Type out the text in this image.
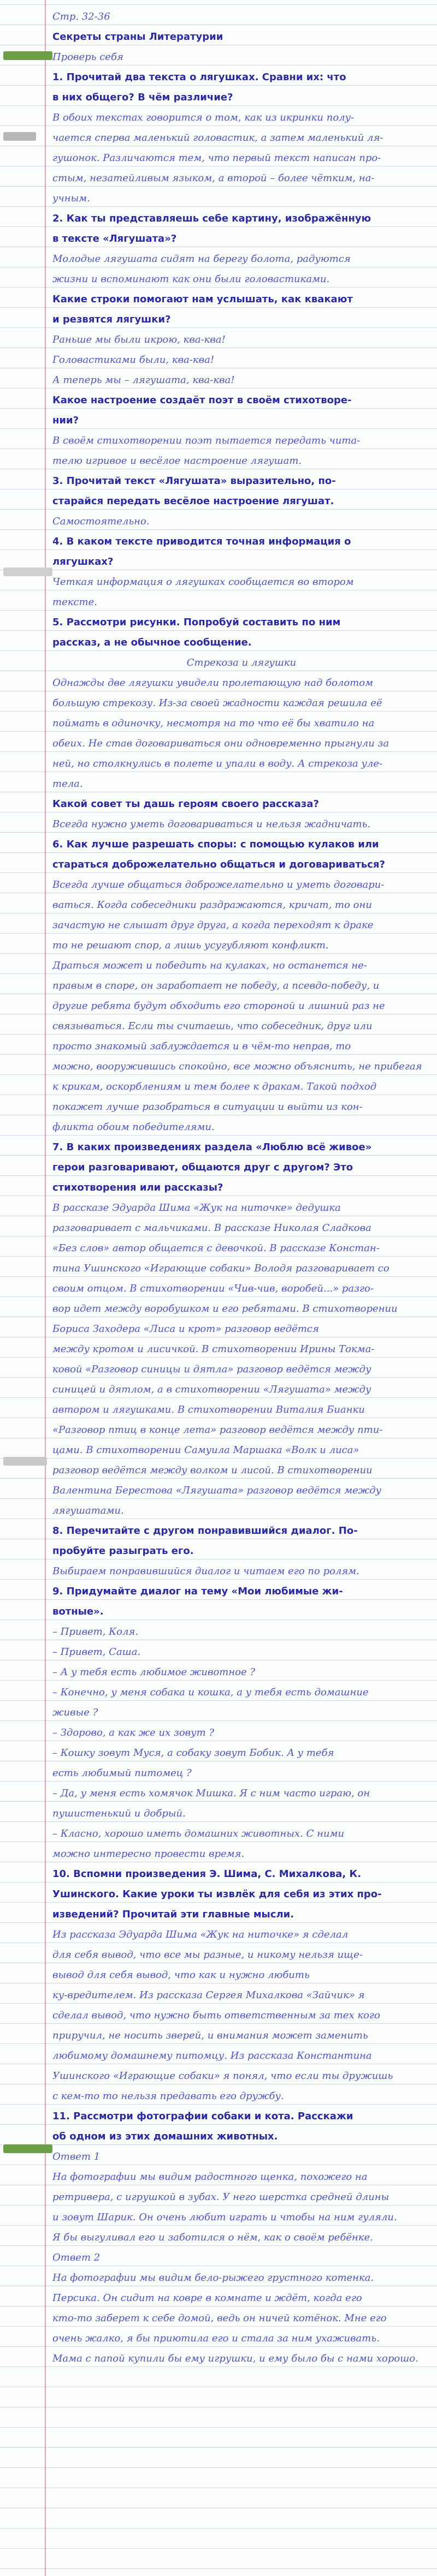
Стр. 32-36
Секреты страны Литературии
Проверь себя
1. Прочитай два текста о лягушках. Сравни их: что
в них общего? В чём различие?
В обоих текстах говорится о том, как из икринки полу-
чается сперва маленький головастик, а затем маленький ля-
гушонок. Различаются тем, что первый текст написан про-
стым, незатейливым языком, а второй – более чётким, на-
учным.
2. Как ты представляешь себе картину, изображённую
в тексте «Лягушата»?
Молодые лягушата сидят на берегу болота, радуются
жизни и вспоминают как они были головастиками.
Какие строки помогают нам услышать, как квакают
и резвятся лягушки?
Раньше мы были икрою, ква-ква!
Головастиками были, ква-ква!
А теперь мы – лягушата, ква-ква!
Какое настроение создаёт поэт в своём стихотворе-
нии?
В своём стихотворении поэт пытается передать чита-
телю игривое и весёлое настроение лягушат.
3. Прочитай текст «Лягушата» выразительно, по-
старайся передать весёлое настроение лягушат.
Самостоятельно.
4. В каком тексте приводится точная информация о
лягушках?
Четкая информация о лягушках сообщается во втором
тексте.
5. Рассмотри рисунки. Попробуй составить по ним
рассказ, а не обычное сообщение.
Стрекоза и лягушки
Однажды две лягушки увидели пролетающую над болотом
большую стрекозу. Из-за своей жадности каждая решила её
поймать в одиночку, несмотря на то что её бы хватило на
обеих. Не став договариваться они одновременно прыгнули за
ней, но столкнулись в полете и упали в воду. А стрекоза уле-
тела.
Какой совет ты дашь героям своего рассказа?
Всегда нужно уметь договариваться и нельзя жадничать.
6. Как лучше разрешать споры: с помощью кулаков или
стараться доброжелательно общаться и договариваться?
Всегда лучше общаться доброжелательно и уметь договари-
ваться. Когда собеседники раздражаются, кричат, то они
зачастую не слышат друг друга, а когда переходят к драке
то не решают спор, а лишь усугубляют конфликт.
Драться может и победить на кулаках, но останется не-
правым в споре, он заработает не победу, а псевдо-победу, и
другие ребята будут обходить его стороной и лишний раз не
связываться. Если ты считаешь, что собеседник, друг или
просто знакомый заблуждается и в чём-то неправ, то
можно, вооружившись спокойно, все можно объяснить, не прибегая
к крикам, оскорблениям и тем более к дракам. Такой подход
покажет лучше разобраться в ситуации и выйти из кон-
фликта обоим победителями.
7. В каких произведениях раздела «Люблю всё живое»
герои разговаривают, общаются друг с другом? Это
стихотворения или рассказы?
В рассказе Эдуарда Шима «Жук на ниточке» дедушка
разговаривает с мальчиками. В рассказе Николая Сладкова
«Без слов» автор общается с девочкой. В рассказе Констан-
тина Ушинского «Играющие собаки» Володя разговаривает со
своим отцом. В стихотворении «Чив-чив, воробей...» разго-
вор идет между воробушком и его ребятами. В стихотворении
Бориса Заходера «Лиса и крот» разговор ведётся
между кротом и лисичкой. В стихотворении Ирины Токма-
ковой «Разговор синицы и дятла» разговор ведётся между
синицей и дятлом, а в стихотворении «Лягушата» между
автором и лягушками. В стихотворении Виталия Бианки
«Разговор птиц в конце лета» разговор ведётся между пти-
цами. В стихотворении Самуила Маршака «Волк и лиса»
разговор ведётся между волком и лисой. В стихотворении
Валентина Берестова «Лягушата» разговор ведётся между
лягушатами.
8. Перечитайте с другом понравившийся диалог. По-
пробуйте разыграть его.
Выбираем понравившийся диалог и читаем его по ролям.
9. Придумайте диалог на тему «Мои любимые жи-
вотные».
– Привет, Коля.
– Привет, Саша.
– А у тебя есть любимое животное ?
– Конечно, у меня собака и кошка, а у тебя есть домашние
живые ?
– Здорово, а как же их зовут ?
– Кошку зовут Муся, а собаку зовут Бобик. А у тебя
есть любимый питомец ?
– Да, у меня есть хомячок Мишка. Я с ним часто играю, он
пушистенький и добрый.
– Класно, хорошо иметь домашних животных. С ними
можно интересно провести время.
10. Вспомни произведения Э. Шима, С. Михалкова, К.
Ушинского. Какие уроки ты извлёк для себя из этих про-
изведений? Прочитай эти главные мысли.
Из рассказа Эдуарда Шима «Жук на ниточке» я сделал
для себя вывод, что все мы разные, и никому нельзя ище-
вывод для себя вывод, что как и нужно любить
ку-вредителем. Из рассказа Сергея Михалкова «Зайчик» я
сделал вывод, что нужно быть ответственным за тех кого
приручил, не носить зверей, и внимания может заменить
любимому домашнему питомцу. Из рассказа Константина
Ушинского «Играющие собаки» я понял, что если ты дружишь
с кем-то то нельзя предавать его дружбу.
11. Рассмотри фотографии собаки и кота. Расскажи
об одном из этих домашних животных.
Ответ 1
На фотографии мы видим радостного щенка, похожего на
ретривера, с игрушкой в зубах. У него шерстка средней длины
и зовут Шарик. Он очень любит играть и чтобы на ним гуляли.
Я бы выгуливал его и заботился о нём, как о своём ребёнке.
Ответ 2
На фотографии мы видим бело-рыжего грустного котенка.
Персика. Он сидит на ковре в комнате и ждёт, когда его
кто-то заберет к себе домой, ведь он ничей котёнок. Мне его
очень жалко, я бы приютила его и стала за ним ухаживать.
Мама с папой купили бы ему игрушки, и ему было бы с нами хорошо.
